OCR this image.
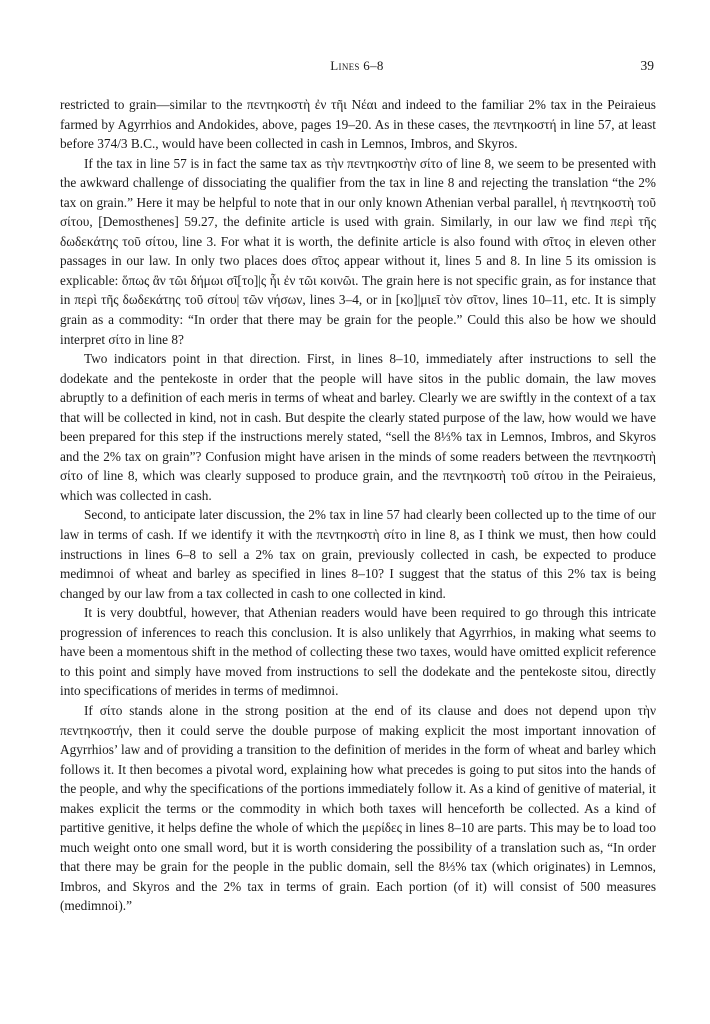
Lines 6–8	39

restricted to grain—similar to the πεντηκοστὴ ἐν τῆι Νέαι and indeed to the familiar 2% tax in the Peiraieus farmed by Agyrrhios and Andokides, above, pages 19–20. As in these cases, the πεντηκοστή in line 57, at least before 374/3 B.C., would have been collected in cash in Lemnos, Imbros, and Skyros.

If the tax in line 57 is in fact the same tax as τὴν πεντηκοστὴν σίτο of line 8, we seem to be presented with the awkward challenge of dissociating the qualifier from the tax in line 8 and rejecting the translation “the 2% tax on grain.” Here it may be helpful to note that in our only known Athenian verbal parallel, ἡ πεντηκοστὴ τοῦ σίτου, [Demosthenes] 59.27, the definite article is used with grain. Similarly, in our law we find περὶ τῆς δωδεκάτης τοῦ σίτου, line 3. For what it is worth, the definite article is also found with σῖτος in eleven other passages in our law. In only two places does σῖτος appear without it, lines 5 and 8. In line 5 its omission is explicable: ὅπως ἂν τῶι δήμωι σῖ[το]|ς ἧι ἐν τῶι κοινῶι. The grain here is not specific grain, as for instance that in περὶ τῆς δωδεκάτης τοῦ σίτου| τῶν νήσων, lines 3–4, or in [κο]|μιεῖ τὸν σῖτον, lines 10–11, etc. It is simply grain as a commodity: “In order that there may be grain for the people.” Could this also be how we should interpret σίτο in line 8?

Two indicators point in that direction. First, in lines 8–10, immediately after instructions to sell the dodekate and the pentekoste in order that the people will have sitos in the public domain, the law moves abruptly to a definition of each meris in terms of wheat and barley. Clearly we are swiftly in the context of a tax that will be collected in kind, not in cash. But despite the clearly stated purpose of the law, how would we have been prepared for this step if the instructions merely stated, “sell the 8⅓% tax in Lemnos, Imbros, and Skyros and the 2% tax on grain”? Confusion might have arisen in the minds of some readers between the πεντηκοστὴ σίτο of line 8, which was clearly supposed to produce grain, and the πεντηκοστὴ τοῦ σίτου in the Peiraieus, which was collected in cash.

Second, to anticipate later discussion, the 2% tax in line 57 had clearly been collected up to the time of our law in terms of cash. If we identify it with the πεντηκοστὴ σίτο in line 8, as I think we must, then how could instructions in lines 6–8 to sell a 2% tax on grain, previously collected in cash, be expected to produce medimnoi of wheat and barley as specified in lines 8–10? I suggest that the status of this 2% tax is being changed by our law from a tax collected in cash to one collected in kind.

It is very doubtful, however, that Athenian readers would have been required to go through this intricate progression of inferences to reach this conclusion. It is also unlikely that Agyrrhios, in making what seems to have been a momentous shift in the method of collecting these two taxes, would have omitted explicit reference to this point and simply have moved from instructions to sell the dodekate and the pentekoste sitou, directly into specifications of merides in terms of medimnoi.

If σίτο stands alone in the strong position at the end of its clause and does not depend upon τὴν πεντηκοστήν, then it could serve the double purpose of making explicit the most important innovation of Agyrrhios’ law and of providing a transition to the definition of merides in the form of wheat and barley which follows it. It then becomes a pivotal word, explaining how what precedes is going to put sitos into the hands of the people, and why the specifications of the portions immediately follow it. As a kind of genitive of material, it makes explicit the terms or the commodity in which both taxes will henceforth be collected. As a kind of partitive genitive, it helps define the whole of which the μερίδες in lines 8–10 are parts. This may be to load too much weight onto one small word, but it is worth considering the possibility of a translation such as, “In order that there may be grain for the people in the public domain, sell the 8⅓% tax (which originates) in Lemnos, Imbros, and Skyros and the 2% tax in terms of grain. Each portion (of it) will consist of 500 measures (medimnoi).”
